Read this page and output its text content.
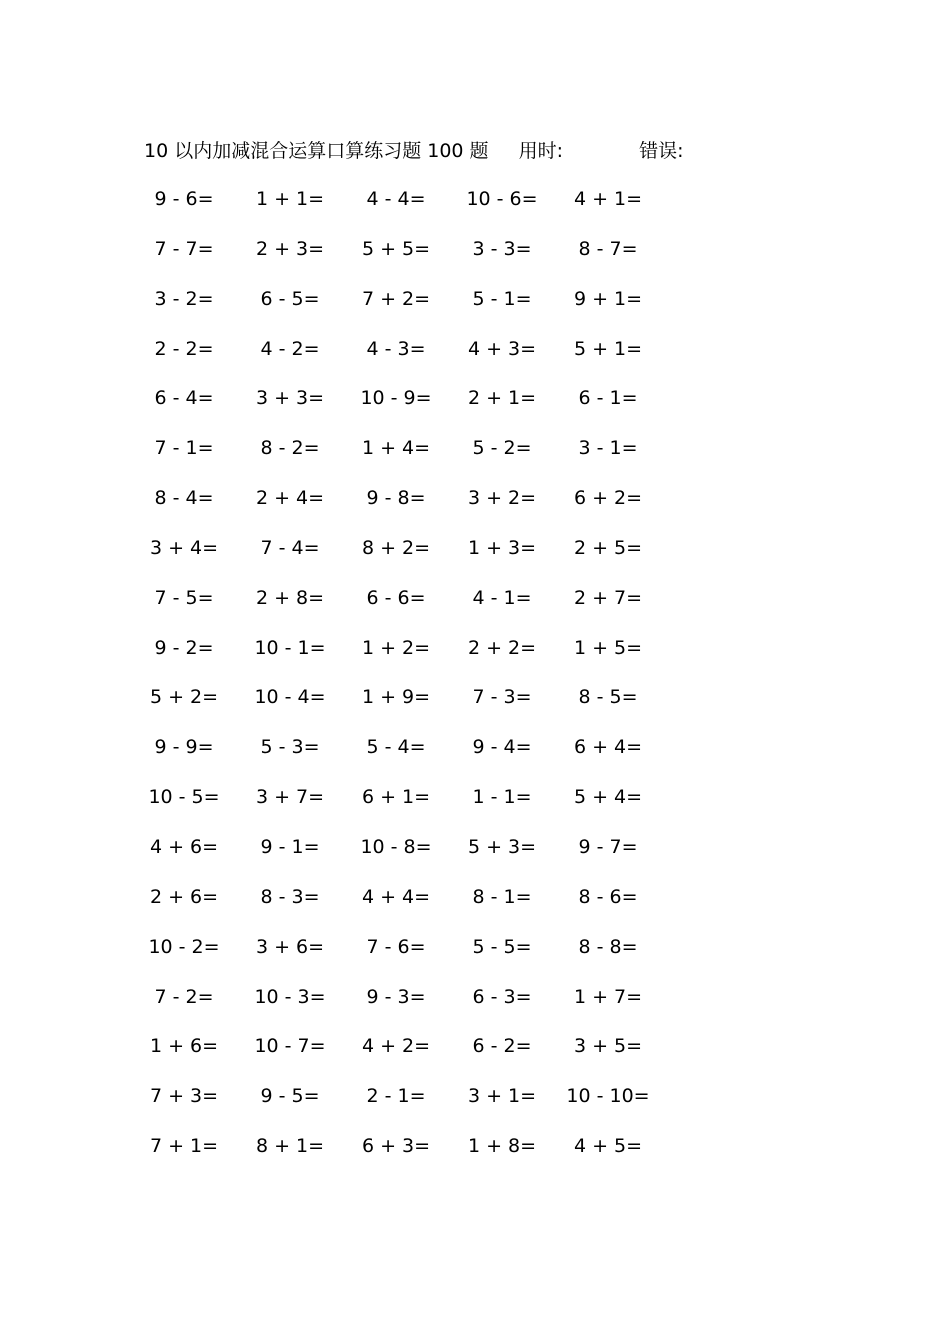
10 以内加减混合运算口算练习题 100 题 用时:	错误:
9 - 6=	1 + 1=	4 - 4=	10 - 6=	4 + 1=
7 - 7=	2 + 3=	5 + 5=	3 - 3=	8 - 7=
3 - 2=	6 - 5=	7 + 2=	5 - 1=	9 + 1=
2 - 2=	4 - 2=	4 - 3=	4 + 3=	5 + 1=
6 - 4=	3 + 3=	10 - 9=	2 + 1=	6 - 1=
7 - 1=	8 - 2=	1 + 4=	5 - 2=	3 - 1=
8 - 4=	2 + 4=	9 - 8=	3 + 2=	6 + 2=
3 + 4=	7 - 4=	8 + 2=	1 + 3=	2 + 5=
7 - 5=	2 + 8=	6 - 6=	4 - 1=	2 + 7=
9 - 2=	10 - 1=	1 + 2=	2 + 2=	1 + 5=
5 + 2=	10 - 4=	1 + 9=	7 - 3=	8 - 5=
9 - 9=	5 - 3=	5 - 4=	9 - 4=	6 + 4=
10 - 5=	3 + 7=	6 + 1=	1 - 1=	5 + 4=
4 + 6=	9 - 1=	10 - 8=	5 + 3=	9 - 7=
2 + 6=	8 - 3=	4 + 4=	8 - 1=	8 - 6=
10 - 2=	3 + 6=	7 - 6=	5 - 5=	8 - 8=
7 - 2=	10 - 3=	9 - 3=	6 - 3=	1 + 7=
1 + 6=	10 - 7=	4 + 2=	6 - 2=	3 + 5=
7 + 3=	9 - 5=	2 - 1=	3 + 1=	10 - 10=
7 + 1=	8 + 1=	6 + 3=	1 + 8=	4 + 5=
